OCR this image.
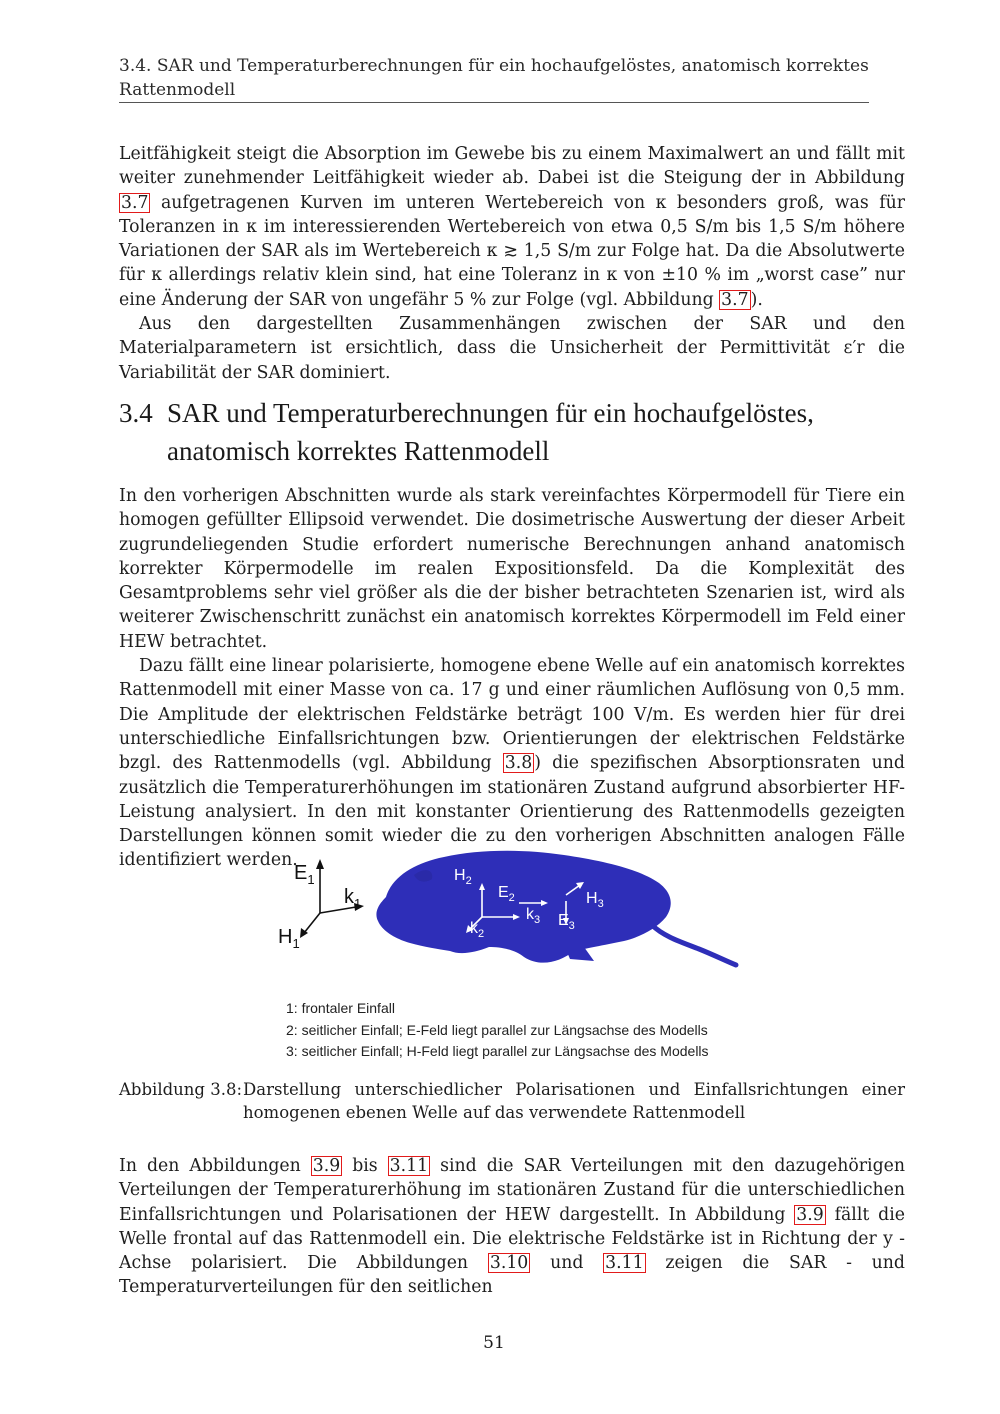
3.4. SAR und Temperaturberechnungen für ein hochaufgelöstes, anatomisch korrektes Rattenmodell

Leitfähigkeit steigt die Absorption im Gewebe bis zu einem Maximalwert an und fällt mit weiter zunehmender Leitfähigkeit wieder ab. Dabei ist die Steigung der in Abbildung 3.7 aufgetragenen Kurven im unteren Wertebereich von κ besonders groß, was für Toleranzen in κ im interessierenden Wertebereich von etwa 0,5 S/m bis 1,5 S/m höhere Variationen der SAR als im Wertebereich κ ≳ 1,5 S/m zur Folge hat. Da die Absolutwerte für κ allerdings relativ klein sind, hat eine Toleranz in κ von ±10 % im „worst case” nur eine Änderung der SAR von ungefähr 5 % zur Folge (vgl. Abbildung 3.7 ).

Aus den dargestellten Zusammenhängen zwischen der SAR und den Materialparametern ist ersichtlich, dass die Unsicherheit der Permittivität ε′r die Variabilität der SAR dominiert.

3.4 SAR und Temperaturberechnungen für ein hochaufgelöstes, anatomisch korrektes Rattenmodell

In den vorherigen Abschnitten wurde als stark vereinfachtes Körpermodell für Tiere ein homogen gefüllter Ellipsoid verwendet. Die dosimetrische Auswertung der dieser Arbeit zugrundeliegenden Studie erfordert numerische Berechnungen anhand anatomisch korrekter Körpermodelle im realen Expositionsfeld. Da die Komplexität des Gesamtproblems sehr viel größer als die der bisher betrachteten Szenarien ist, wird als weiterer Zwischenschritt zunächst ein anatomisch korrektes Körpermodell im Feld einer HEW betrachtet.

Dazu fällt eine linear polarisierte, homogene ebene Welle auf ein anatomisch korrektes Rattenmodell mit einer Masse von ca. 17 g und einer räumlichen Auflösung von 0,5 mm. Die Amplitude der elektrischen Feldstärke beträgt 100 V/m. Es werden hier für drei unterschiedliche Einfallsrichtungen bzw. Orientierungen der elektrischen Feldstärke bzgl. des Rattenmodells (vgl. Abbildung 3.8 ) die spezifischen Absorptionsraten und zusätzlich die Temperaturerhöhungen im stationären Zustand aufgrund absorbierter HF-Leistung analysiert. In den mit konstanter Orientierung des Rattenmodells gezeigten Darstellungen können somit wieder die zu den vorherigen Abschnitten analogen Fälle identifiziert werden.

$E_1$
$k_1$
$H_1$
$H_2$
$E_2$
$k_2$
$k_3$ $E_3$
$H_3$
1: frontaler Einfall
2: seitlicher Einfall; E-Feld liegt parallel zur Längsachse des Modells
3: seitlicher Einfall; H-Feld liegt parallel zur Längsachse des Modells
Abbildung 3.8: Darstellung unterschiedlicher Polarisationen und Einfallsrichtungen einer homogenen ebenen Welle auf das verwendete Rattenmodell

In den Abbildungen 3.9 bis 3.11 sind die SAR Verteilungen mit den dazugehörigen Verteilungen der Temperaturerhöhung im stationären Zustand für die unterschiedlichen Einfallsrichtungen und Polarisationen der HEW dargestellt. In Abbildung 3.9 fällt die Welle frontal auf das Rattenmodell ein. Die elektrische Feldstärke ist in Richtung der y - Achse polarisiert. Die Abbildungen 3.10 und 3.11 zeigen die SAR - und Temperaturverteilungen für den seitlichen

51
